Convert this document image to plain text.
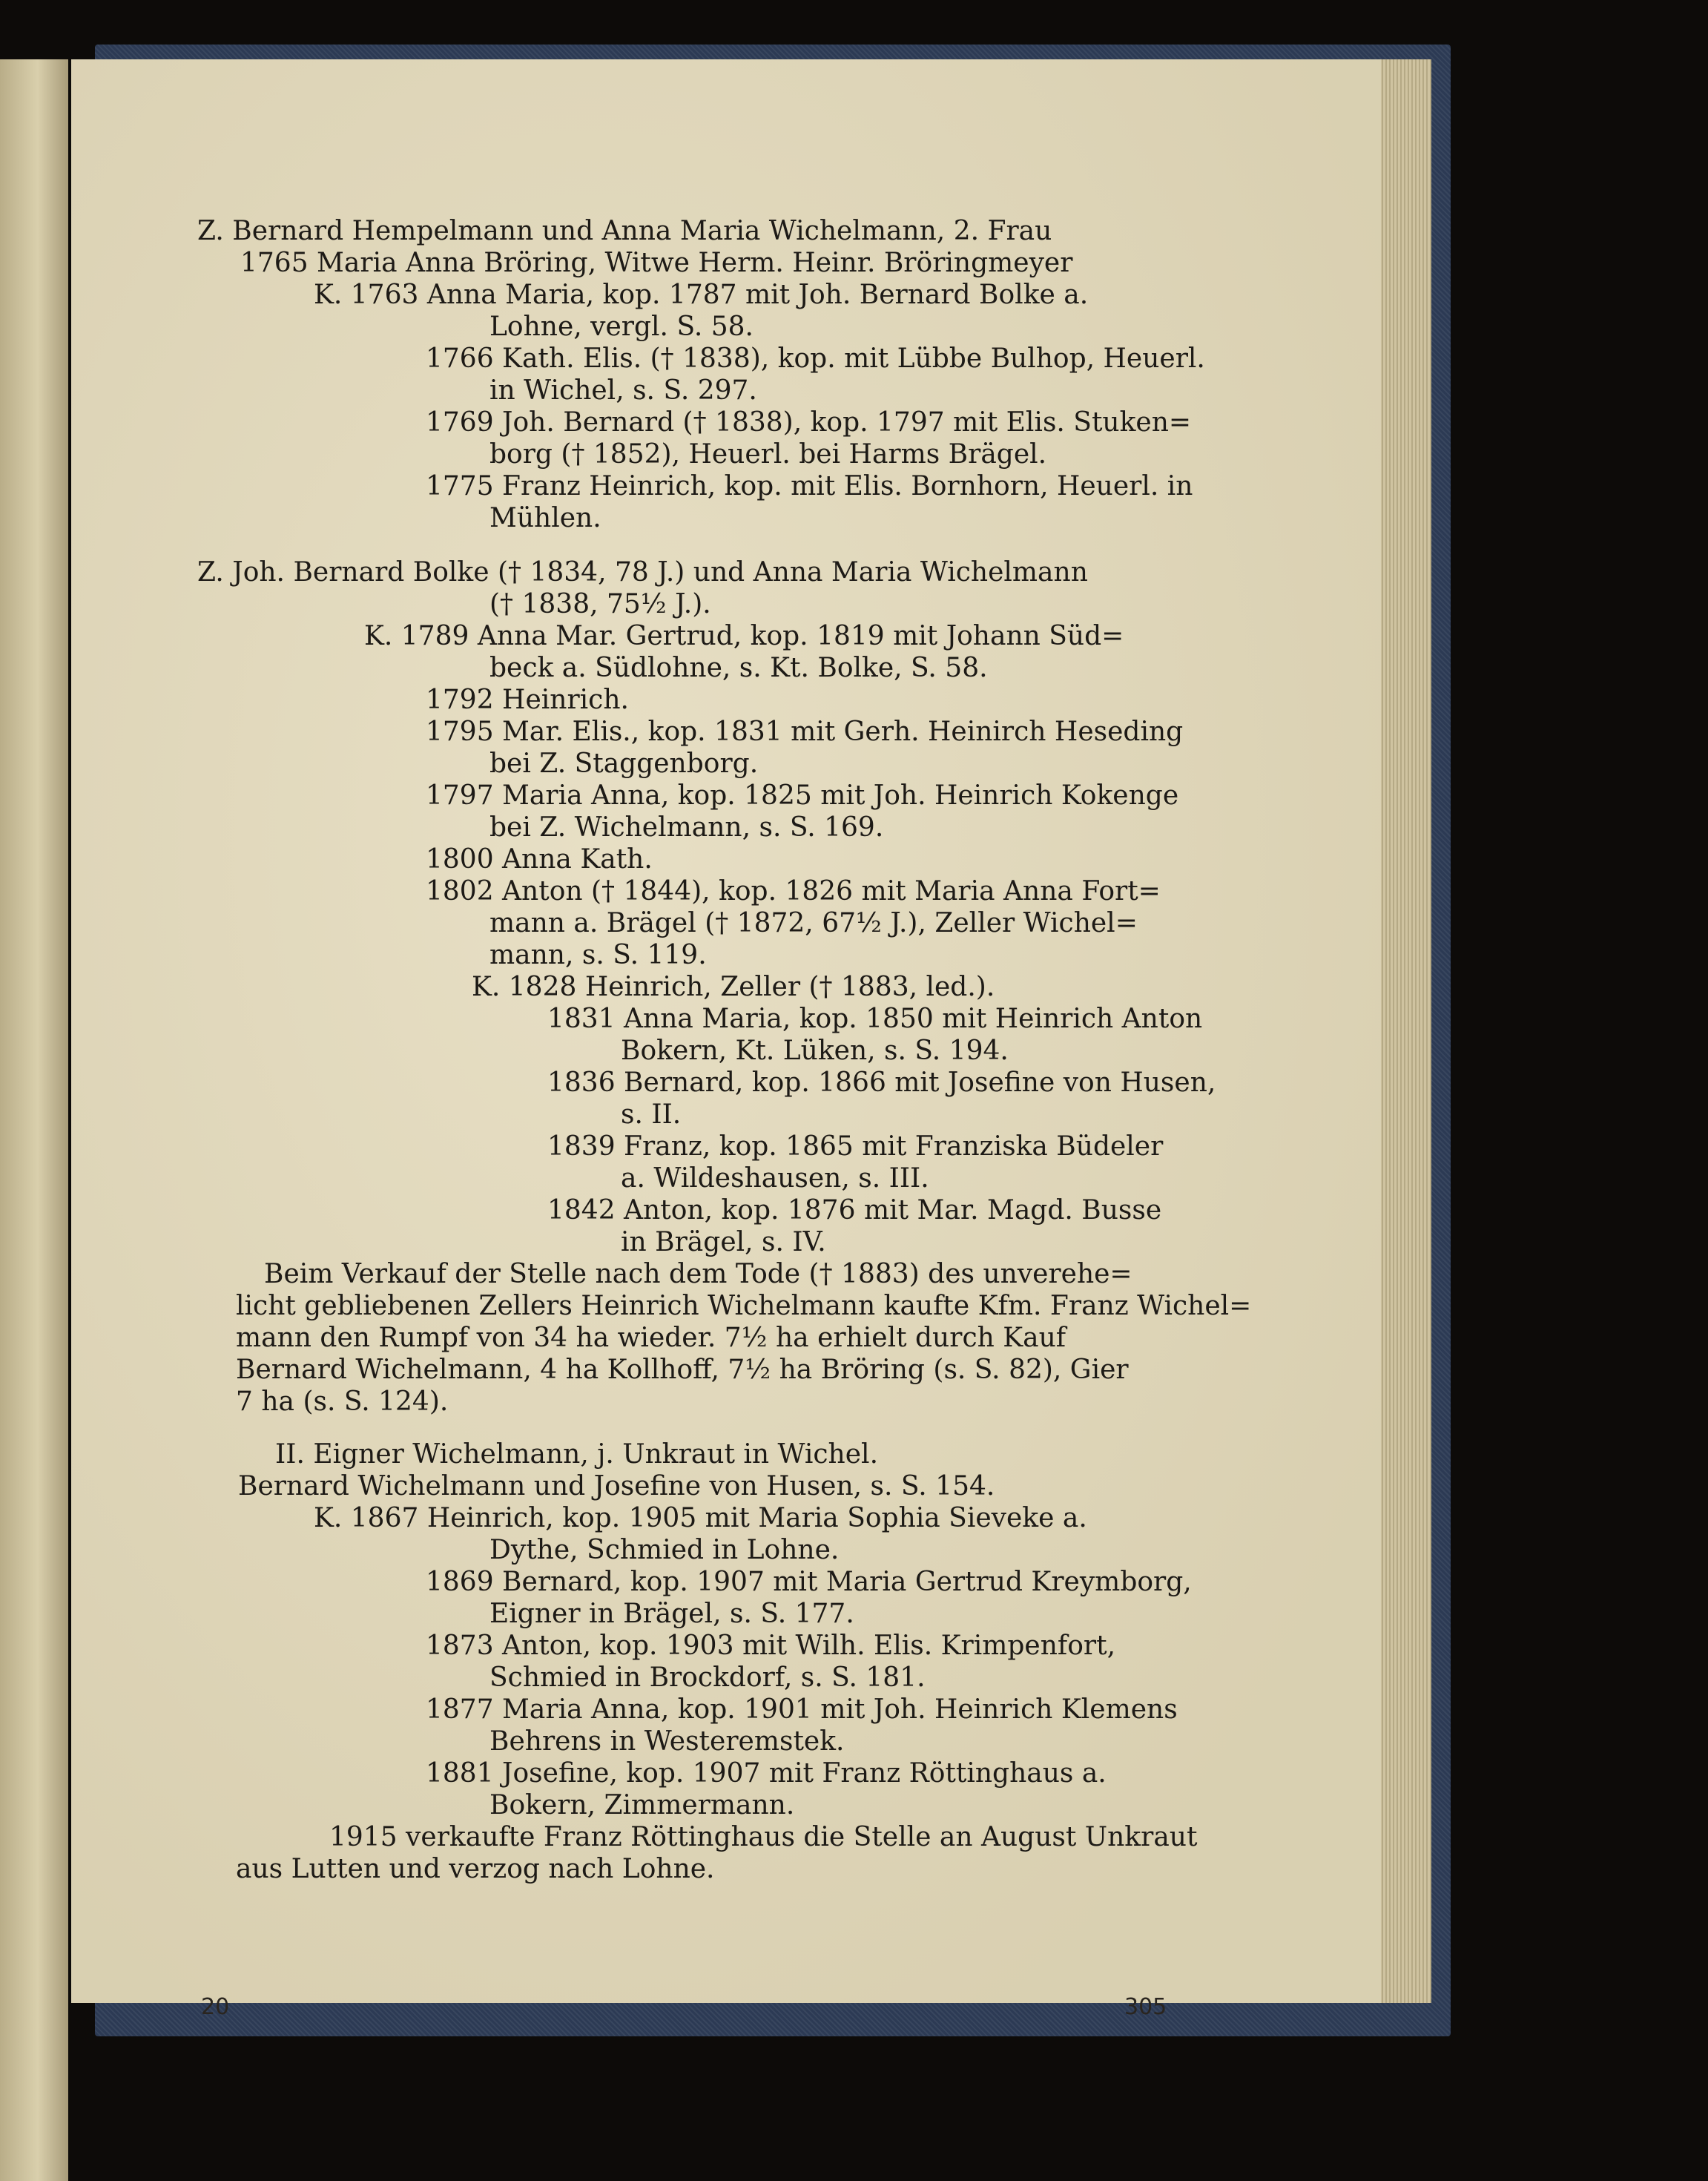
Z. Bernard Hempelmann und Anna Maria Wichelmann, 2. Frau
1765 Maria Anna Bröring, Witwe Herm. Heinr. Bröringmeyer
K. 1763 Anna Maria, kop. 1787 mit Joh. Bernard Bolke a.
Lohne, vergl. S. 58.
1766 Kath. Elis. († 1838), kop. mit Lübbe Bulhop, Heuerl.
in Wichel, s. S. 297.
1769 Joh. Bernard († 1838), kop. 1797 mit Elis. Stuken=
borg († 1852), Heuerl. bei Harms Brägel.
1775 Franz Heinrich, kop. mit Elis. Bornhorn, Heuerl. in
Mühlen.
Z. Joh. Bernard Bolke († 1834, 78 J.) und Anna Maria Wichelmann
(† 1838, 75½ J.).
K. 1789 Anna Mar. Gertrud, kop. 1819 mit Johann Süd=
beck a. Südlohne, s. Kt. Bolke, S. 58.
1792 Heinrich.
1795 Mar. Elis., kop. 1831 mit Gerh. Heinirch Heseding
bei Z. Staggenborg.
1797 Maria Anna, kop. 1825 mit Joh. Heinrich Kokenge
bei Z. Wichelmann, s. S. 169.
1800 Anna Kath.
1802 Anton († 1844), kop. 1826 mit Maria Anna Fort=
mann a. Brägel († 1872, 67½ J.), Zeller Wichel=
mann, s. S. 119.
K. 1828 Heinrich, Zeller († 1883, led.).
1831 Anna Maria, kop. 1850 mit Heinrich Anton
Bokern, Kt. Lüken, s. S. 194.
1836 Bernard, kop. 1866 mit Josefine von Husen,
s. II.
1839 Franz, kop. 1865 mit Franziska Büdeler
a. Wildeshausen, s. III.
1842 Anton, kop. 1876 mit Mar. Magd. Busse
in Brägel, s. IV.
Beim Verkauf der Stelle nach dem Tode († 1883) des unverehe=
licht gebliebenen Zellers Heinrich Wichelmann kaufte Kfm. Franz Wichel=
mann den Rumpf von 34 ha wieder. 7½ ha erhielt durch Kauf
Bernard Wichelmann, 4 ha Kollhoff, 7½ ha Bröring (s. S. 82), Gier
7 ha (s. S. 124).
II. Eigner Wichelmann, j. Unkraut in Wichel.
Bernard Wichelmann und Josefine von Husen, s. S. 154.
K. 1867 Heinrich, kop. 1905 mit Maria Sophia Sieveke a.
Dythe, Schmied in Lohne.
1869 Bernard, kop. 1907 mit Maria Gertrud Kreymborg,
Eigner in Brägel, s. S. 177.
1873 Anton, kop. 1903 mit Wilh. Elis. Krimpenfort,
Schmied in Brockdorf, s. S. 181.
1877 Maria Anna, kop. 1901 mit Joh. Heinrich Klemens
Behrens in Westeremstek.
1881 Josefine, kop. 1907 mit Franz Röttinghaus a.
Bokern, Zimmermann.
1915 verkaufte Franz Röttinghaus die Stelle an August Unkraut
aus Lutten und verzog nach Lohne.
20	305
